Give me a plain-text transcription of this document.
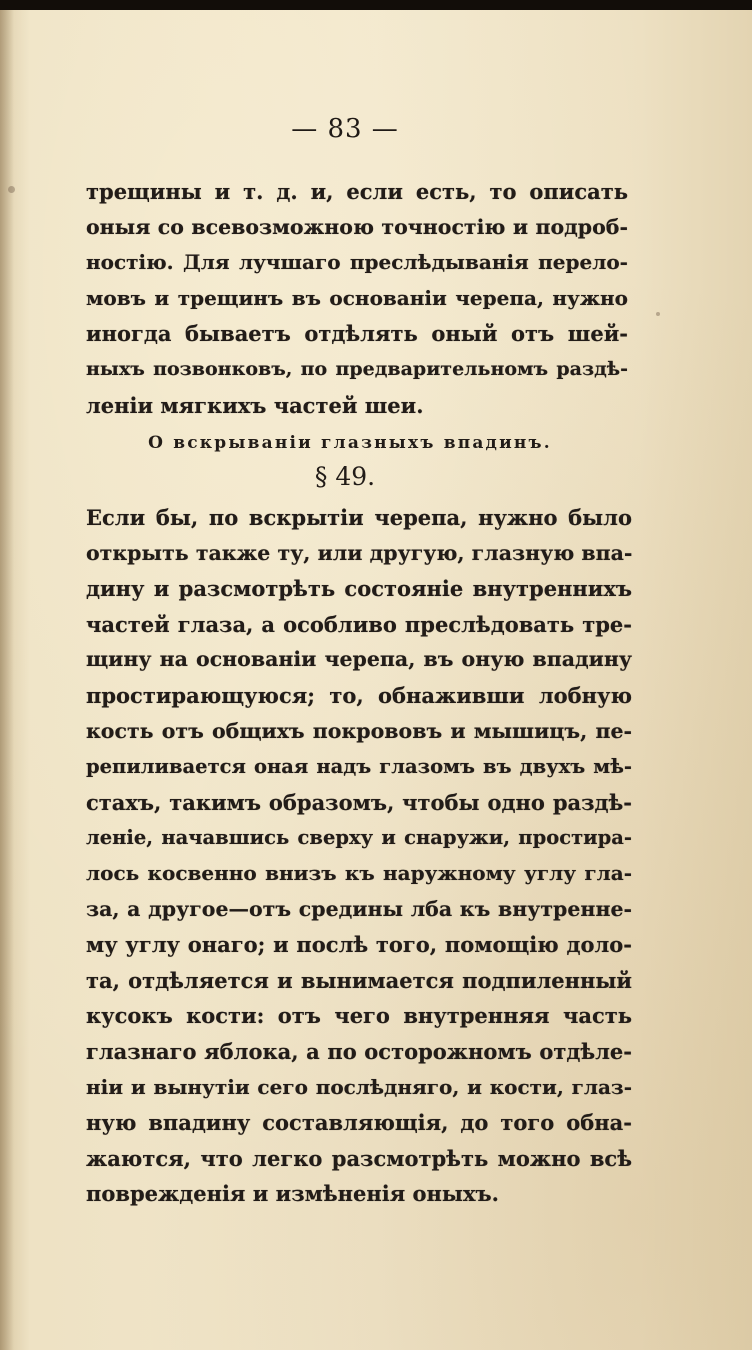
— 83 —
трещины и т. д. и, если есть, то описать
оныя со всевозможною точностію и подроб-
ностію. Для лучшаго преслѣдыванія перело-
мовъ и трещинъ въ основаніи черепа, нужно
иногда бываетъ отдѣлять оный отъ шей-
ныхъ позвонковъ, по предварительномъ раздѣ-
леніи мягкихъ частей шеи.
О вскрываніи глазныхъ впадинъ.
§ 49.
Если бы, по вскрытіи черепа, нужно было
открыть также ту, или другую, глазную впа-
дину и разсмотрѣть состояніе внутреннихъ
частей глаза, а особливо преслѣдовать тре-
щину на основаніи черепа, въ оную впадину
простирающуюся; то, обнаживши лобную
кость отъ общихъ покрововъ и мышицъ, пе-
репиливается оная надъ глазомъ въ двухъ мѣ-
стахъ, такимъ образомъ, чтобы одно раздѣ-
леніе, начавшись сверху и снаружи, простира-
лось косвенно внизъ къ наружному углу гла-
за, а другое—отъ средины лба къ внутренне-
му углу онаго; и послѣ того, помощію доло-
та, отдѣляется и вынимается подпиленный
кусокъ кости: отъ чего внутренняя часть
глазнаго яблока, а по осторожномъ отдѣле-
ніи и вынутіи сего послѣдняго, и кости, глаз-
ную впадину составляющія, до того обна-
жаются, что легко разсмотрѣть можно всѣ
поврежденія и измѣненія оныхъ.
